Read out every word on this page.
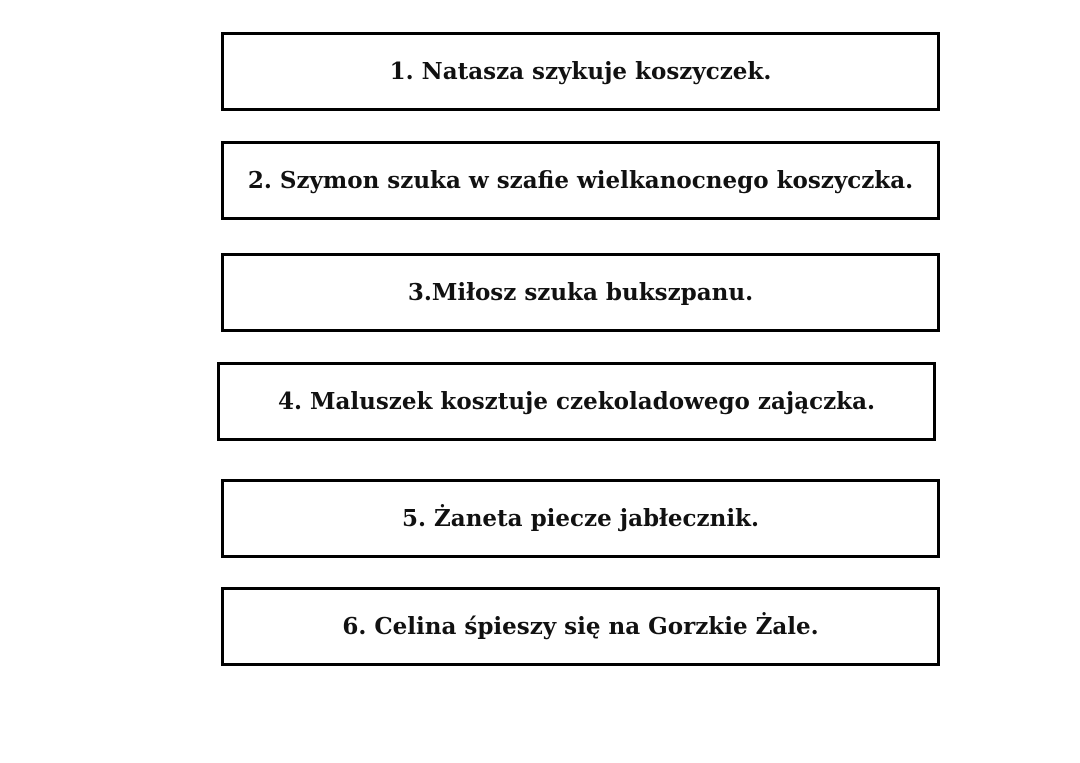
1. Natasza szykuje koszyczek.
2. Szymon szuka w szafie wielkanocnego koszyczka.
3.Miłosz szuka bukszpanu.
4. Maluszek kosztuje czekoladowego zajączka.
5. Żaneta piecze jabłecznik.
6. Celina śpieszy się na Gorzkie Żale.
